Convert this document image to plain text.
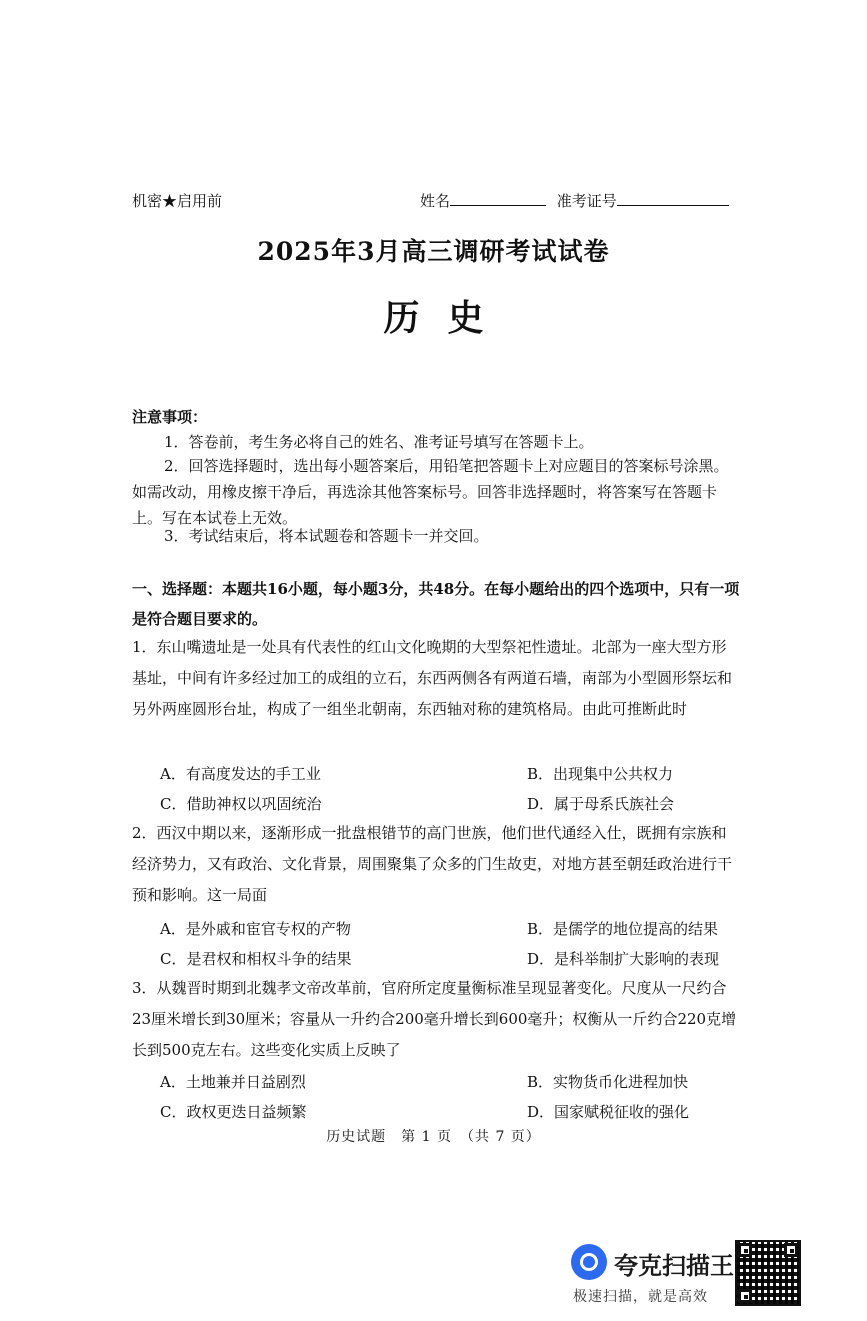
机密★启用前	姓名	准考证号
2025年3月高三调研考试试卷
历史
注意事项：

1．答卷前，考生务必将自己的姓名、准考证号填写在答题卡上。

2．回答选择题时，选出每小题答案后，用铅笔把答题卡上对应题目的答案标号涂黑。如需改动，用橡皮擦干净后，再选涂其他答案标号。回答非选择题时，将答案写在答题卡上。写在本试卷上无效。

3．考试结束后，将本试题卷和答题卡一并交回。

一、选择题：本题共16小题，每小题3分，共48分。在每小题给出的四个选项中，只有一项是符合题目要求的。

1．东山嘴遗址是一处具有代表性的红山文化晚期的大型祭祀性遗址。北部为一座大型方形基址，中间有许多经过加工的成组的立石，东西两侧各有两道石墙，南部为小型圆形祭坛和另外两座圆形台址，构成了一组坐北朝南，东西轴对称的建筑格局。由此可推断此时

A．有高度发达的手工业	B．出现集中公共权力
C．借助神权以巩固统治	D．属于母系氏族社会

2．西汉中期以来，逐渐形成一批盘根错节的高门世族，他们世代通经入仕，既拥有宗族和经济势力，又有政治、文化背景，周围聚集了众多的门生故吏，对地方甚至朝廷政治进行干预和影响。这一局面

A．是外戚和宦官专权的产物	B．是儒学的地位提高的结果
C．是君权和相权斗争的结果	D．是科举制扩大影响的表现

3．从魏晋时期到北魏孝文帝改革前，官府所定度量衡标准呈现显著变化。尺度从一尺约合23厘米增长到30厘米；容量从一升约合200毫升增长到600毫升；权衡从一斤约合220克增长到500克左右。这些变化实质上反映了

A．土地兼并日益剧烈	B．实物货币化进程加快
C．政权更迭日益频繁	D．国家赋税征收的强化
历史试题　第 1 页　（共 7 页）
夸克扫描王
极速扫描，就是高效
